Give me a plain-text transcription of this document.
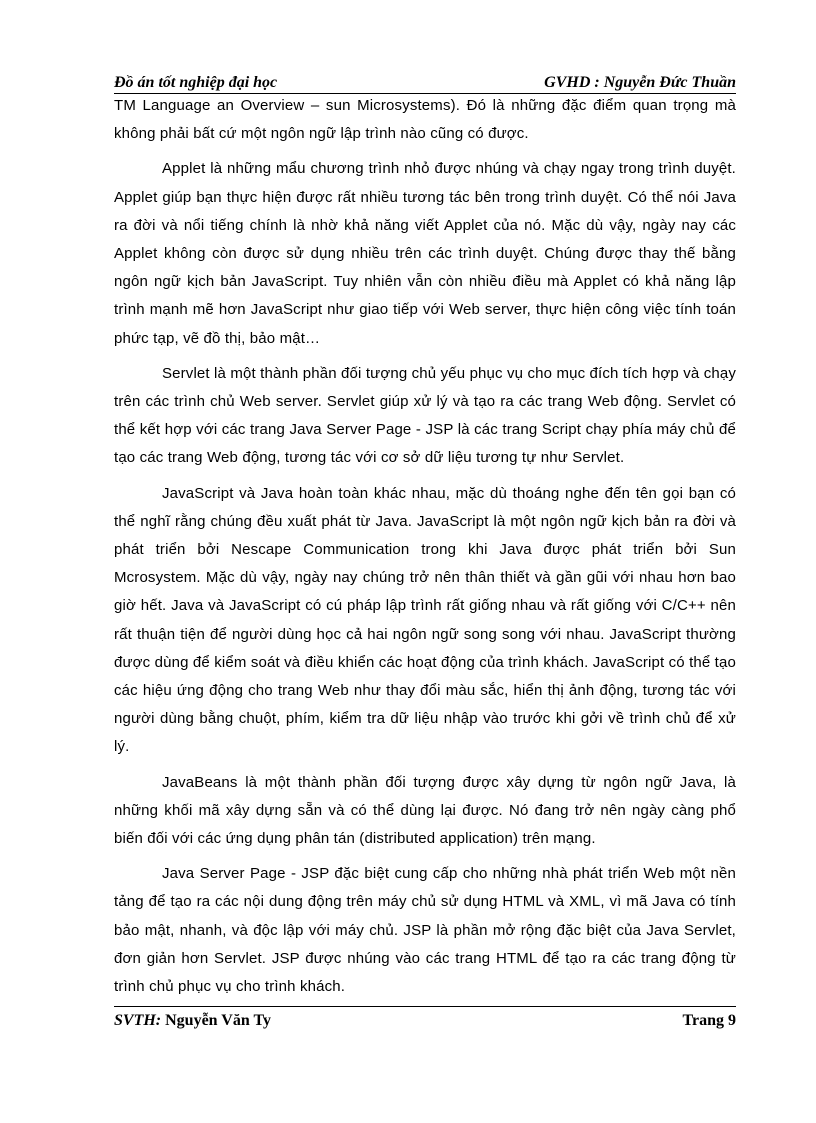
Đồ án tốt nghiệp đại học	GVHD : Nguyễn Đức Thuần

TM Language an Overview – sun Microsystems). Đó là những đặc điểm quan trọng mà không phải bất cứ một ngôn ngữ lập trình nào cũng có được.

Applet là những mẩu chương trình nhỏ được nhúng và chạy ngay trong trình duyệt. Applet giúp bạn thực hiện được rất nhiều tương tác bên trong trình duyệt. Có thể nói Java ra đời và nổi tiếng chính là nhờ khả năng viết Applet của nó. Mặc dù vậy, ngày nay các Applet không còn được sử dụng nhiều trên các trình duyệt. Chúng được thay thế bằng ngôn ngữ kịch bản JavaScript. Tuy nhiên vẫn còn nhiều điều mà Applet có khả năng lập trình mạnh mẽ hơn JavaScript như giao tiếp với Web server, thực hiện công việc tính toán phức tạp, vẽ đồ thị, bảo mật…

Servlet là một thành phần đối tượng chủ yếu phục vụ cho mục đích tích hợp và chạy trên các trình chủ Web server. Servlet giúp xử lý và tạo ra các trang Web động. Servlet có thể kết hợp với các trang Java Server Page - JSP là các trang Script chạy phía máy chủ để tạo các trang Web động, tương tác với cơ sở dữ liệu tương tự như Servlet.

JavaScript và Java hoàn toàn khác nhau, mặc dù thoáng nghe đến tên gọi bạn có thể nghĩ rằng chúng đều xuất phát từ Java. JavaScript là một ngôn ngữ kịch bản ra đời và phát triển bởi Nescape Communication trong khi Java được phát triển bởi Sun Mcrosystem. Mặc dù vậy, ngày nay chúng trở nên thân thiết và gần gũi với nhau hơn bao giờ hết. Java và JavaScript có cú pháp lập trình rất giống nhau và rất giống với C/C++ nên rất thuận tiện để người dùng học cả hai ngôn ngữ song song với nhau. JavaScript thường được dùng để kiểm soát và điều khiển các hoạt động của trình khách. JavaScript có thể tạo các hiệu ứng động cho trang Web như thay đổi màu sắc, hiển thị ảnh động, tương tác với người dùng bằng chuột, phím, kiểm tra dữ liệu nhập vào trước khi gởi về trình chủ để xử lý.

JavaBeans là một thành phần đối tượng được xây dựng từ ngôn ngữ Java, là những khối mã xây dựng sẵn và có thể dùng lại được. Nó đang trở nên ngày càng phổ biến đối với các ứng dụng phân tán (distributed application) trên mạng.

Java Server Page - JSP đặc biệt cung cấp cho những nhà phát triển Web một nền tảng để tạo ra các nội dung động trên máy chủ sử dụng HTML và XML, vì mã Java có tính bảo mật, nhanh, và độc lập với máy chủ. JSP là phần mở rộng đặc biệt của Java Servlet, đơn giản hơn Servlet. JSP được nhúng vào các trang HTML để tạo ra các trang động từ trình chủ phục vụ cho trình khách.

SVTH: Nguyễn Văn Ty	Trang 9
